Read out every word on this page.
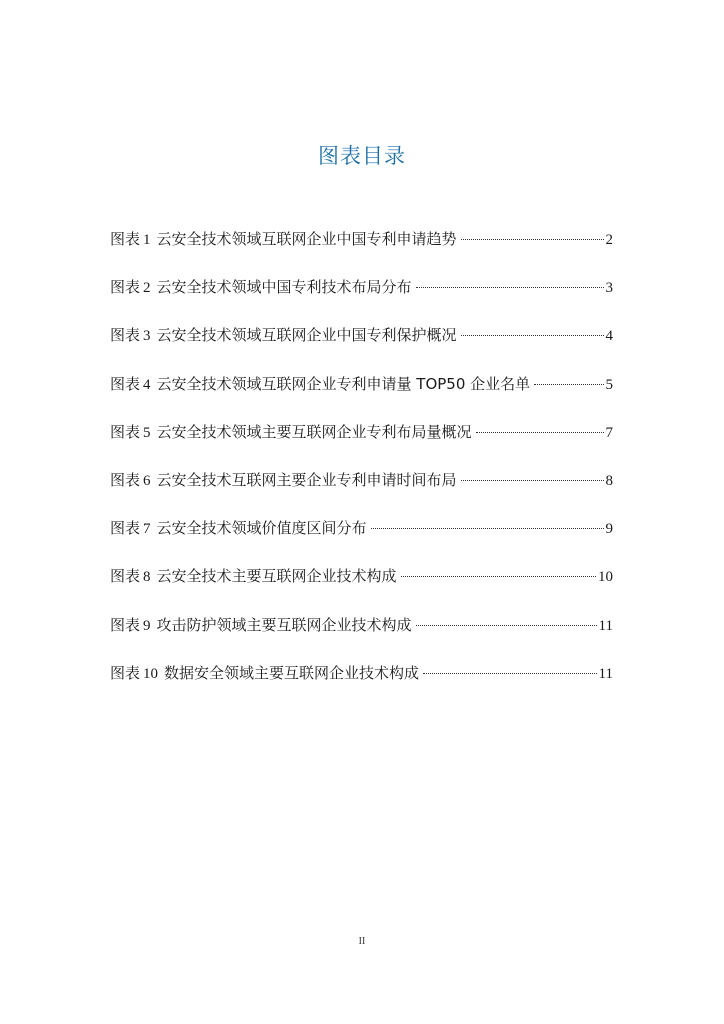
图表目录
图表 1 云安全技术领域互联网企业中国专利申请趋势	2
图表 2 云安全技术领域中国专利技术布局分布	3
图表 3 云安全技术领域互联网企业中国专利保护概况	4
图表 4 云安全技术领域互联网企业专利申请量 TOP50 企业名单	5
图表 5 云安全技术领域主要互联网企业专利布局量概况	7
图表 6 云安全技术互联网主要企业专利申请时间布局	8
图表 7 云安全技术领域价值度区间分布	9
图表 8 云安全技术主要互联网企业技术构成	10
图表 9 攻击防护领域主要互联网企业技术构成	11
图表 10 数据安全领域主要互联网企业技术构成	11
II
